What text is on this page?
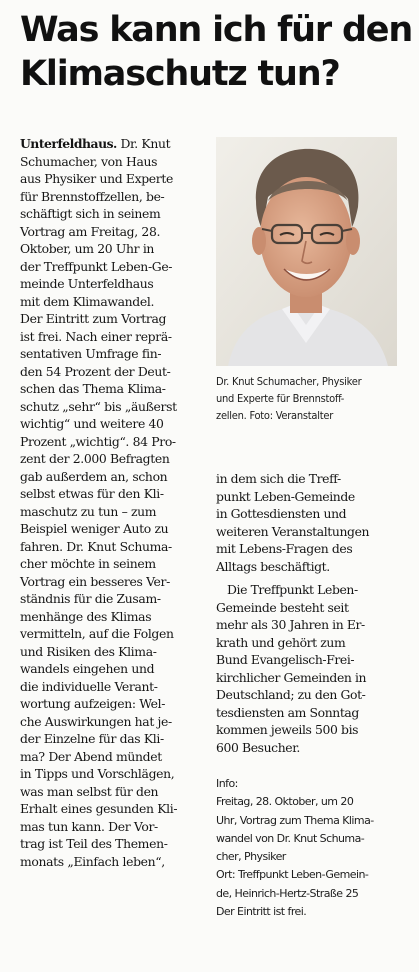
Was kann ich für den
Klimaschutz tun?
Unterfeldhaus. Dr. Knut
Schumacher, von Haus
aus Physiker und Experte
für Brennstoffzellen, be-
schäftigt sich in seinem
Vortrag am Freitag, 28.
Oktober, um 20 Uhr in
der Treffpunkt Leben-Ge-
meinde Unterfeldhaus
mit dem Klimawandel.
Der Eintritt zum Vortrag
ist frei. Nach einer reprä-
sentativen Umfrage fin-
den 54 Prozent der Deut-
schen das Thema Klima-
schutz „sehr“ bis „äußerst
wichtig“ und weitere 40
Prozent „wichtig“. 84 Pro-
zent der 2.000 Befragten
gab außerdem an, schon
selbst etwas für den Kli-
maschutz zu tun – zum
Beispiel weniger Auto zu
fahren. Dr. Knut Schuma-
cher möchte in seinem
Vortrag ein besseres Ver-
ständnis für die Zusam-
menhänge des Klimas
vermitteln, auf die Folgen
und Risiken des Klima-
wandels eingehen und
die individuelle Verant-
wortung aufzeigen: Wel-
che Auswirkungen hat je-
der Einzelne für das Kli-
ma? Der Abend mündet
in Tipps und Vorschlägen,
was man selbst für den
Erhalt eines gesunden Kli-
mas tun kann. Der Vor-
trag ist Teil des Themen-
monats „Einfach leben“,
Dr. Knut Schumacher, Physiker
und Experte für Brennstoff-
zellen. Foto: Veranstalter
in dem sich die Treff-
punkt Leben-Gemeinde
in Gottesdiensten und
weiteren Veranstaltungen
mit Lebens-Fragen des
Alltags beschäftigt.
Die Treffpunkt Leben-
Gemeinde besteht seit
mehr als 30 Jahren in Er-
krath und gehört zum
Bund Evangelisch-Frei-
kirchlicher Gemeinden in
Deutschland; zu den Got-
tesdiensten am Sonntag
kommen jeweils 500 bis
600 Besucher.
Info:
Freitag, 28. Oktober, um 20
Uhr, Vortrag zum Thema Klima-
wandel von Dr. Knut Schuma-
cher, Physiker
Ort: Treffpunkt Leben-Gemein-
de, Heinrich-Hertz-Straße 25
Der Eintritt ist frei.
